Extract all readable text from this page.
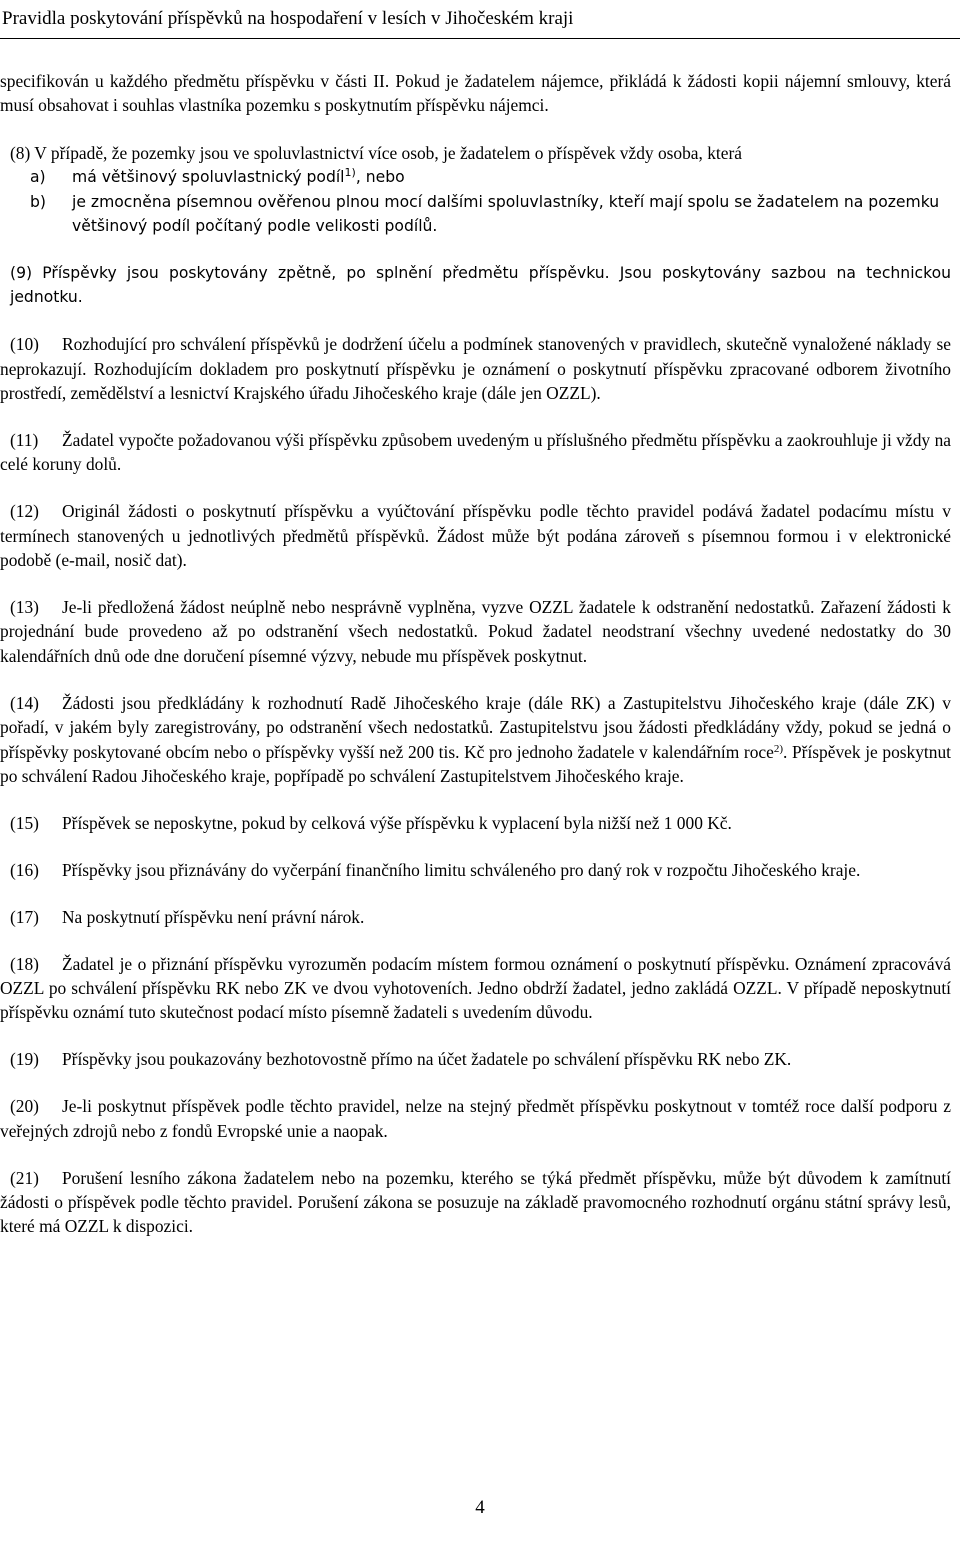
Pravidla poskytování příspěvků na hospodaření v lesích v Jihočeském kraji

specifikován u každého předmětu příspěvku v části II. Pokud je žadatelem nájemce, přikládá k žádosti kopii nájemní smlouvy, která musí obsahovat i souhlas vlastníka pozemku s poskytnutím příspěvku nájemci.

(8) V případě, že pozemky jsou ve spoluvlastnictví více osob, je žadatelem o příspěvek vždy osoba, která

a)	má většinový spoluvlastnický podíl$^{1)}$, nebo
b)	je zmocněna písemnou ověřenou plnou mocí dalšími spoluvlastníky, kteří mají spolu se žadatelem na pozemku většinový podíl počítaný podle velikosti podílů.

(9) Příspěvky jsou poskytovány zpětně, po splnění předmětu příspěvku. Jsou poskytovány sazbou na technickou jednotku.

(10) Rozhodující pro schválení příspěvků je dodržení účelu a podmínek stanovených v pravidlech, skutečně vynaložené náklady se neprokazují. Rozhodujícím dokladem pro poskytnutí příspěvku je oznámení o poskytnutí příspěvku zpracované odborem životního prostředí, zemědělství a lesnictví Krajského úřadu Jihočeského kraje (dále jen OZZL).

(11) Žadatel vypočte požadovanou výši příspěvku způsobem uvedeným u příslušného předmětu příspěvku a zaokrouhluje ji vždy na celé koruny dolů.

(12) Originál žádosti o poskytnutí příspěvku a vyúčtování příspěvku podle těchto pravidel podává žadatel podacímu místu v termínech stanovených u jednotlivých předmětů příspěvků. Žádost může být podána zároveň s písemnou formou i v elektronické podobě (e-mail, nosič dat).

(13) Je-li předložená žádost neúplně nebo nesprávně vyplněna, vyzve OZZL žadatele k odstranění nedostatků. Zařazení žádosti k projednání bude provedeno až po odstranění všech nedostatků. Pokud žadatel neodstraní všechny uvedené nedostatky do 30 kalendářních dnů ode dne doručení písemné výzvy, nebude mu příspěvek poskytnut.

(14) Žádosti jsou předkládány k rozhodnutí Radě Jihočeského kraje (dále RK) a Zastupitelstvu Jihočeského kraje (dále ZK) v pořadí, v jakém byly zaregistrovány, po odstranění všech nedostatků. Zastupitelstvu jsou žádosti předkládány vždy, pokud se jedná o příspěvky poskytované obcím nebo o příspěvky vyšší než 200 tis. Kč pro jednoho žadatele v kalendářním roce$^{2)}$. Příspěvek je poskytnut po schválení Radou Jihočeského kraje, popřípadě po schválení Zastupitelstvem Jihočeského kraje.

(15) Příspěvek se neposkytne, pokud by celková výše příspěvku k vyplacení byla nižší než 1 000 Kč.

(16) Příspěvky jsou přiznávány do vyčerpání finančního limitu schváleného pro daný rok v rozpočtu Jihočeského kraje.

(17) Na poskytnutí příspěvku není právní nárok.

(18) Žadatel je o přiznání příspěvku vyrozuměn podacím místem formou oznámení o poskytnutí příspěvku. Oznámení zpracovává OZZL po schválení příspěvku RK nebo ZK ve dvou vyhotoveních. Jedno obdrží žadatel, jedno zakládá OZZL. V případě neposkytnutí příspěvku oznámí tuto skutečnost podací místo písemně žadateli s uvedením důvodu.

(19) Příspěvky jsou poukazovány bezhotovostně přímo na účet žadatele po schválení příspěvku RK nebo ZK.

(20) Je-li poskytnut příspěvek podle těchto pravidel, nelze na stejný předmět příspěvku poskytnout v tomtéž roce další podporu z veřejných zdrojů nebo z fondů Evropské unie a naopak.

(21) Porušení lesního zákona žadatelem nebo na pozemku, kterého se týká předmět příspěvku, může být důvodem k zamítnutí žádosti o příspěvek podle těchto pravidel. Porušení zákona se posuzuje na základě pravomocného rozhodnutí orgánu státní správy lesů, které má OZZL k dispozici.

4
